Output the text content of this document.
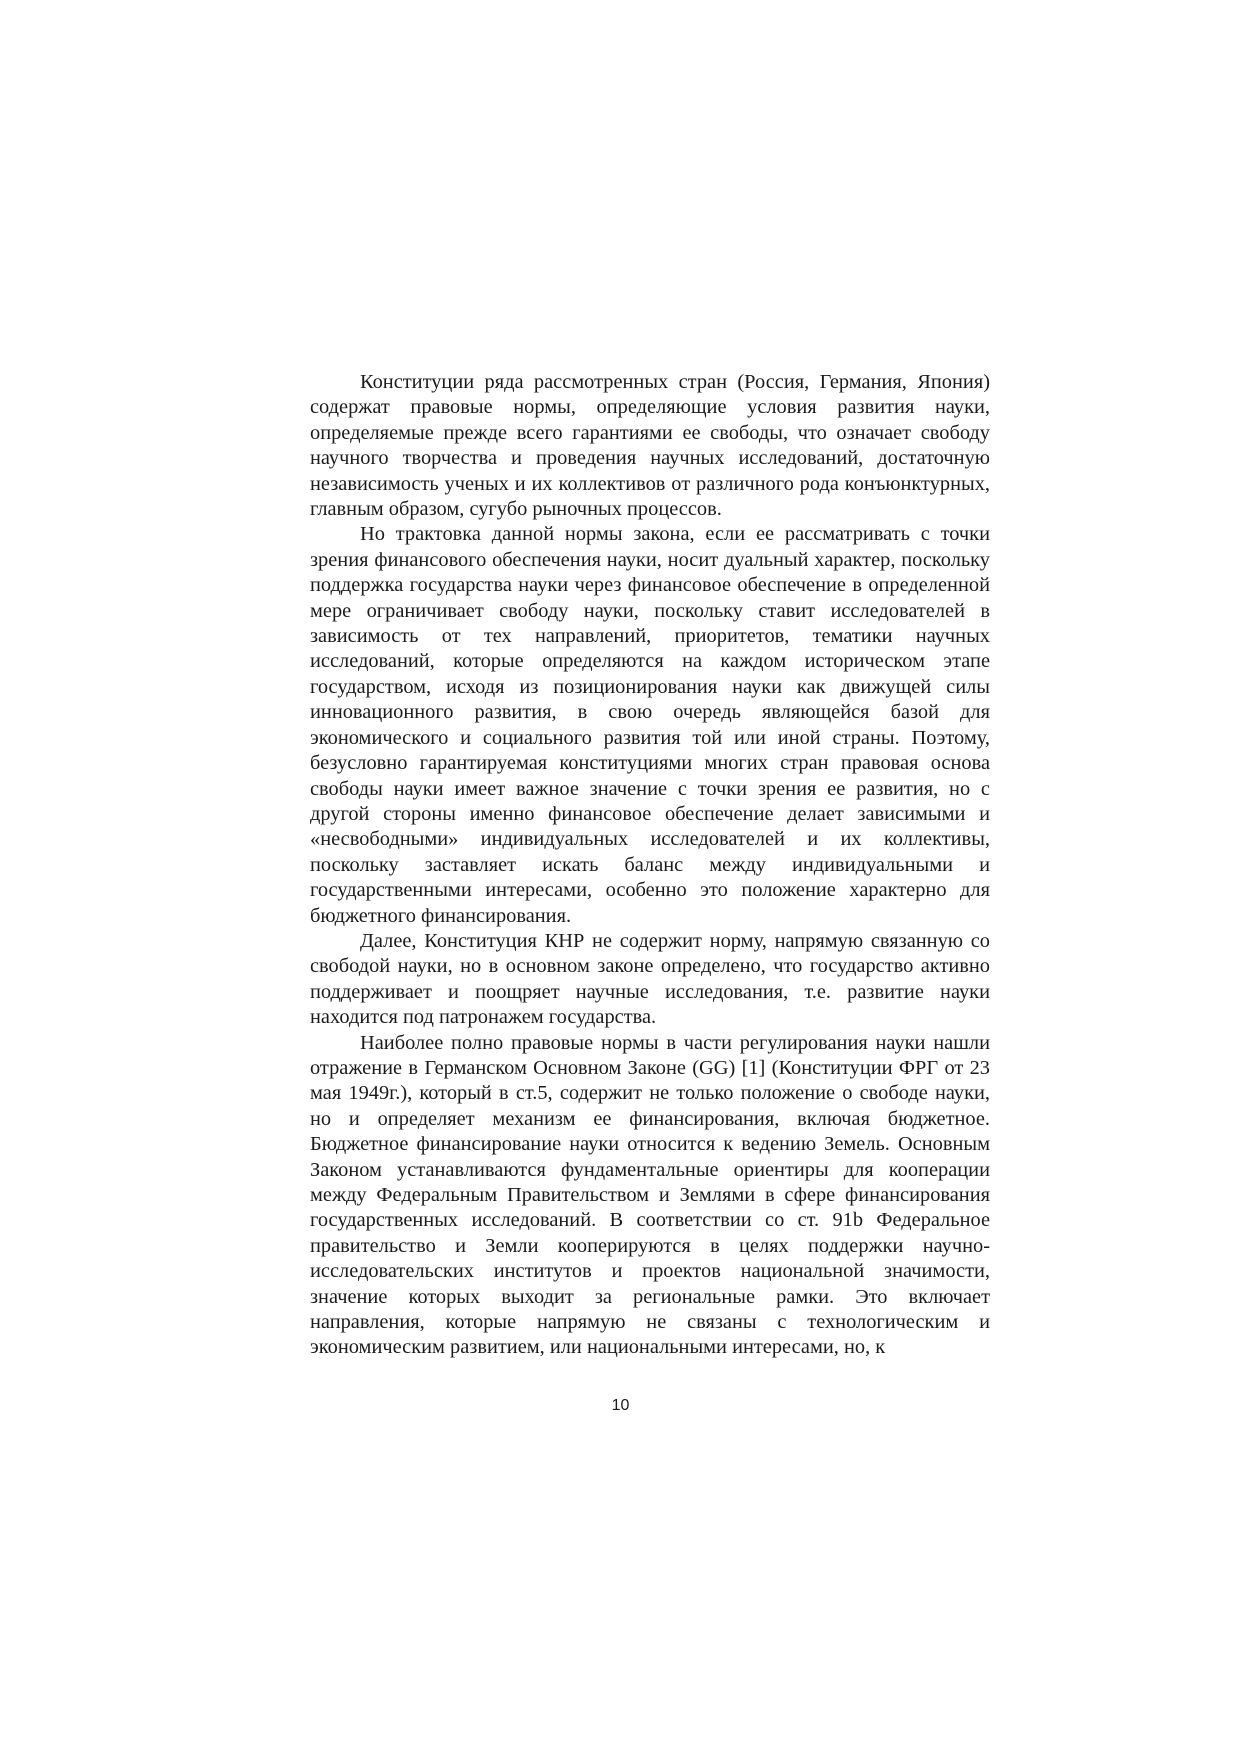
Конституции ряда рассмотренных стран (Россия, Германия, Япония) содержат правовые нормы, определяющие условия развития науки, определяемые прежде всего гарантиями ее свободы, что означает свободу научного творчества и проведения научных исследований, достаточную независимость ученых и их коллективов от различного рода конъюнктурных, главным образом, сугубо рыночных процессов.

Но трактовка данной нормы закона, если ее рассматривать с точки зрения финансового обеспечения науки, носит дуальный характер, поскольку поддержка государства науки через финансовое обеспечение в определенной мере ограничивает свободу науки, поскольку ставит исследователей в зависимость от тех направлений, приоритетов, тематики научных исследований, которые определяются на каждом историческом этапе государством, исходя из позиционирования науки как движущей силы инновационного развития, в свою очередь являющейся базой для экономического и социального развития той или иной страны. Поэтому, безусловно гарантируемая конституциями многих стран правовая основа свободы науки имеет важное значение с точки зрения ее развития, но с другой стороны именно финансовое обеспечение делает зависимыми и «несвободными» индивидуальных исследователей и их коллективы, поскольку заставляет искать баланс между индивидуальными и государственными интересами, особенно это положение характерно для бюджетного финансирования.

Далее, Конституция КНР не содержит норму, напрямую связанную со свободой науки, но в основном законе определено, что государство активно поддерживает и поощряет научные исследования, т.е. развитие науки находится под патронажем государства.

Наиболее полно правовые нормы в части регулирования науки нашли отражение в Германском Основном Законе (GG) [1] (Конституции ФРГ от 23 мая 1949г.), который в ст.5, содержит не только положение о свободе науки, но и определяет механизм ее финансирования, включая бюджетное. Бюджетное финансирование науки относится к ведению Земель. Основным Законом устанавливаются фундаментальные ориентиры для кооперации между Федеральным Правительством и Землями в сфере финансирования государственных исследований. В соответствии со ст. 91b Федеральное правительство и Земли кооперируются в целях поддержки научно-исследовательских институтов и проектов национальной значимости, значение которых выходит за региональные рамки. Это включает направления, которые напрямую не связаны с технологическим и экономическим развитием, или национальными интересами, но, к

10
